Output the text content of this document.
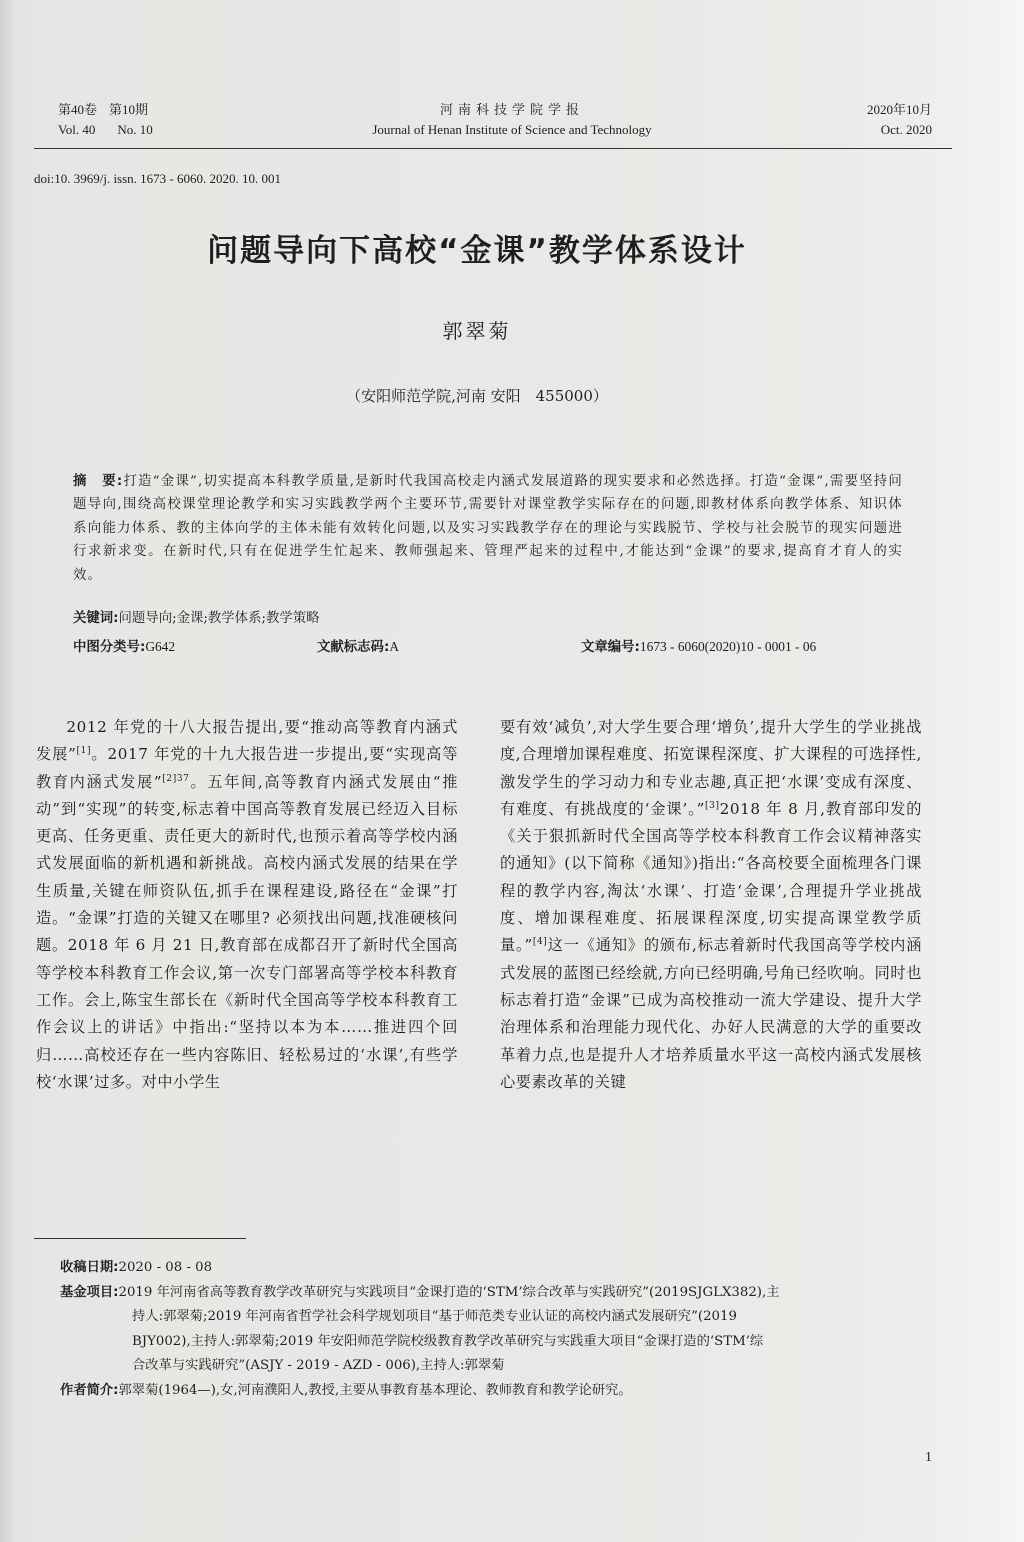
第40卷 第10期
Vol. 40 No. 10
河南科技学院学报
Journal of Henan Institute of Science and Technology
2020年10月
Oct. 2020
doi:10. 3969/j. issn. 1673 - 6060. 2020. 10. 001
问题导向下高校“金课”教学体系设计
郭翠菊
（安阳师范学院,河南 安阳　455000）
摘　要:打造“金课”,切实提高本科教学质量,是新时代我国高校走内涵式发展道路的现实要求和必然选择。打造“金课”,需要坚持问题导向,围绕高校课堂理论教学和实习实践教学两个主要环节,需要针对课堂教学实际存在的问题,即教材体系向教学体系、知识体系向能力体系、教的主体向学的主体未能有效转化问题,以及实习实践教学存在的理论与实践脱节、学校与社会脱节的现实问题进行求新求变。在新时代,只有在促进学生忙起来、教师强起来、管理严起来的过程中,才能达到“金课”的要求,提高育才育人的实效。
关键词:问题导向;金课;教学体系;教学策略
中图分类号:G642	文献标志码:A	文章编号:1673 - 6060(2020)10 - 0001 - 06

2012 年党的十八大报告提出,要“推动高等教育内涵式发展”[1]。2017 年党的十九大报告进一步提出,要“实现高等教育内涵式发展”$^{[2]37}$。五年间,高等教育内涵式发展由“推动”到“实现”的转变,标志着中国高等教育发展已经迈入目标更高、任务更重、责任更大的新时代,也预示着高等学校内涵式发展面临的新机遇和新挑战。高校内涵式发展的结果在学生质量,关键在师资队伍,抓手在课程建设,路径在“金课”打造。“金课”打造的关键又在哪里? 必须找出问题,找准硬核问题。2018 年 6 月 21 日,教育部在成都召开了新时代全国高等学校本科教育工作会议,第一次专门部署高等学校本科教育工作。会上,陈宝生部长在《新时代全国高等学校本科教育工作会议上的讲话》中指出:“坚持以本为本……推进四个回归……高校还存在一些内容陈旧、轻松易过的‘水课’,有些学校‘水课’过多。对中小学生

要有效‘减负’,对大学生要合理‘增负’,提升大学生的学业挑战度,合理增加课程难度、拓宽课程深度、扩大课程的可选择性,激发学生的学习动力和专业志趣,真正把‘水课’变成有深度、有难度、有挑战度的‘金课’。”[3]2018 年 8 月,教育部印发的《关于狠抓新时代全国高等学校本科教育工作会议精神落实的通知》(以下简称《通知》)指出:“各高校要全面梳理各门课程的教学内容,淘汰‘水课’、打造‘金课’,合理提升学业挑战度、增加课程难度、拓展课程深度,切实提高课堂教学质量。”[4]这一《通知》的颁布,标志着新时代我国高等学校内涵式发展的蓝图已经绘就,方向已经明确,号角已经吹响。同时也标志着打造“金课”已成为高校推动一流大学建设、提升大学治理体系和治理能力现代化、办好人民满意的大学的重要改革着力点,也是提升人才培养质量水平这一高校内涵式发展核心要素改革的关键

收稿日期: 2020 - 08 - 08
基金项目: 2019 年河南省高等教育教学改革研究与实践项目“金课打造的‘STM’综合改革与实践研究”(2019SJGLX382),主
持人:郭翠菊;2019 年河南省哲学社会科学规划项目“基于师范类专业认证的高校内涵式发展研究”(2019
BJY002),主持人:郭翠菊;2019 年安阳师范学院校级教育教学改革研究与实践重大项目“金课打造的‘STM’综
合改革与实践研究”(ASJY - 2019 - AZD - 006),主持人:郭翠菊
作者简介: 郭翠菊(1964—),女,河南濮阳人,教授,主要从事教育基本理论、教师教育和教学论研究。
1
